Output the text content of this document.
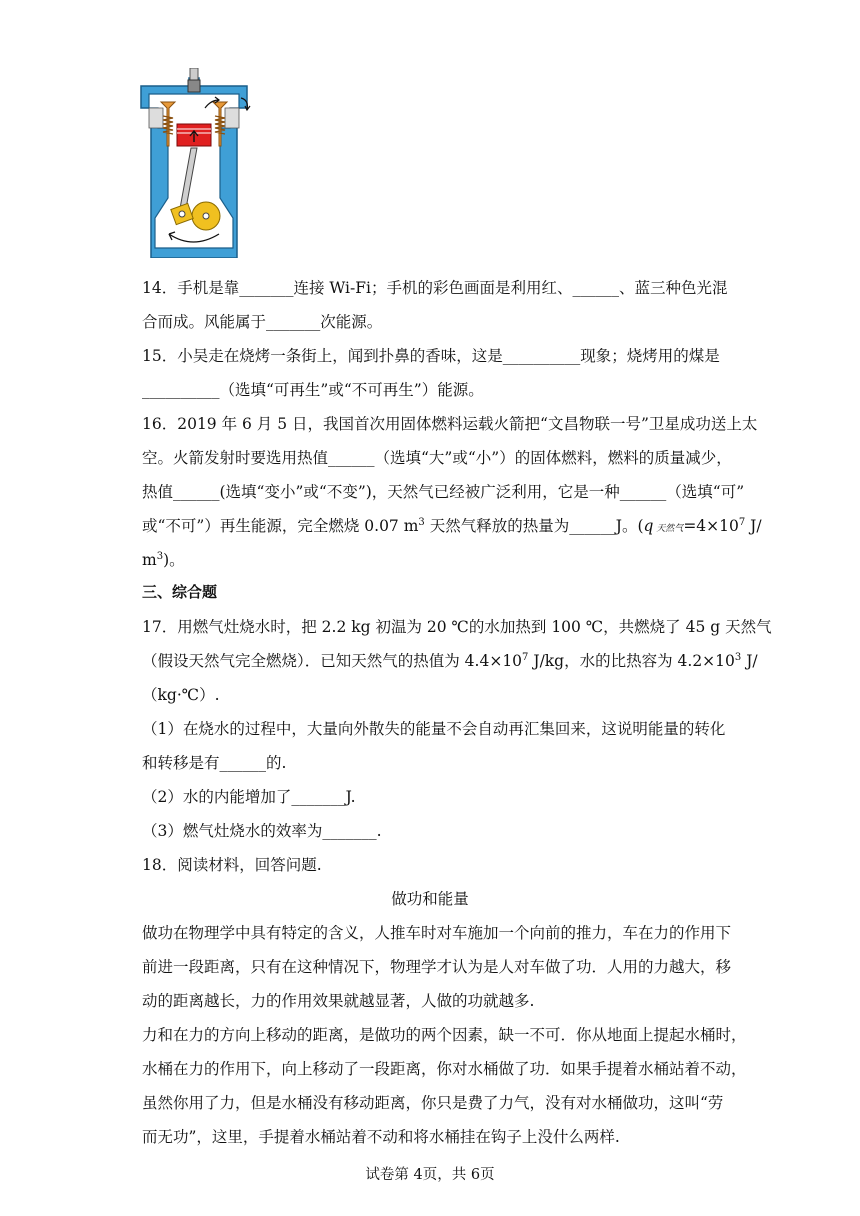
14．手机是靠_______连接 Wi-Fi；手机的彩色画面是利用红、______、蓝三种色光混
合而成。风能属于_______次能源。
15．小吴走在烧烤一条街上，闻到扑鼻的香味，这是__________现象；烧烤用的煤是
__________（选填“可再生”或“不可再生”）能源。
16．2019 年 6 月 5 日，我国首次用固体燃料运载火箭把“文昌物联一号”卫星成功送上太
空。火箭发射时要选用热值______（选填“大”或“小”）的固体燃料，燃料的质量减少，
热值______(选填“变小”或“不变”)，天然气已经被广泛利用，它是一种______（选填“可”
或“不可”）再生能源，完全燃烧 0.07 $m^3$ 天然气释放的热量为______J。(q 天然气$=4\times 10^7$ J/
$m^3$)。
三、综合题
17．用燃气灶烧水时，把 2.2 kg 初温为 20 ℃的水加热到 100 ℃，共燃烧了 45 g 天然气
（假设天然气完全燃烧）．已知天然气的热值为 $4.4\times 10^7$ J/kg，水的比热容为 $4.2\times 10^3$ J/
（kg·℃）.
（1）在烧水的过程中，大量向外散失的能量不会自动再汇集回来，这说明能量的转化
和转移是有______的.
（2）水的内能增加了_______J.
（3）燃气灶烧水的效率为_______.
18．阅读材料，回答问题.
做功和能量
做功在物理学中具有特定的含义，人推车时对车施加一个向前的推力，车在力的作用下
前进一段距离，只有在这种情况下，物理学才认为是人对车做了功．人用的力越大，移
动的距离越长，力的作用效果就越显著，人做的功就越多.
力和在力的方向上移动的距离，是做功的两个因素，缺一不可．你从地面上提起水桶时，
水桶在力的作用下，向上移动了一段距离，你对水桶做了功．如果手提着水桶站着不动，
虽然你用了力，但是水桶没有移动距离，你只是费了力气，没有对水桶做功，这叫“劳
而无功”，这里，手提着水桶站着不动和将水桶挂在钩子上没什么两样.
试卷第 4页，共 6页
